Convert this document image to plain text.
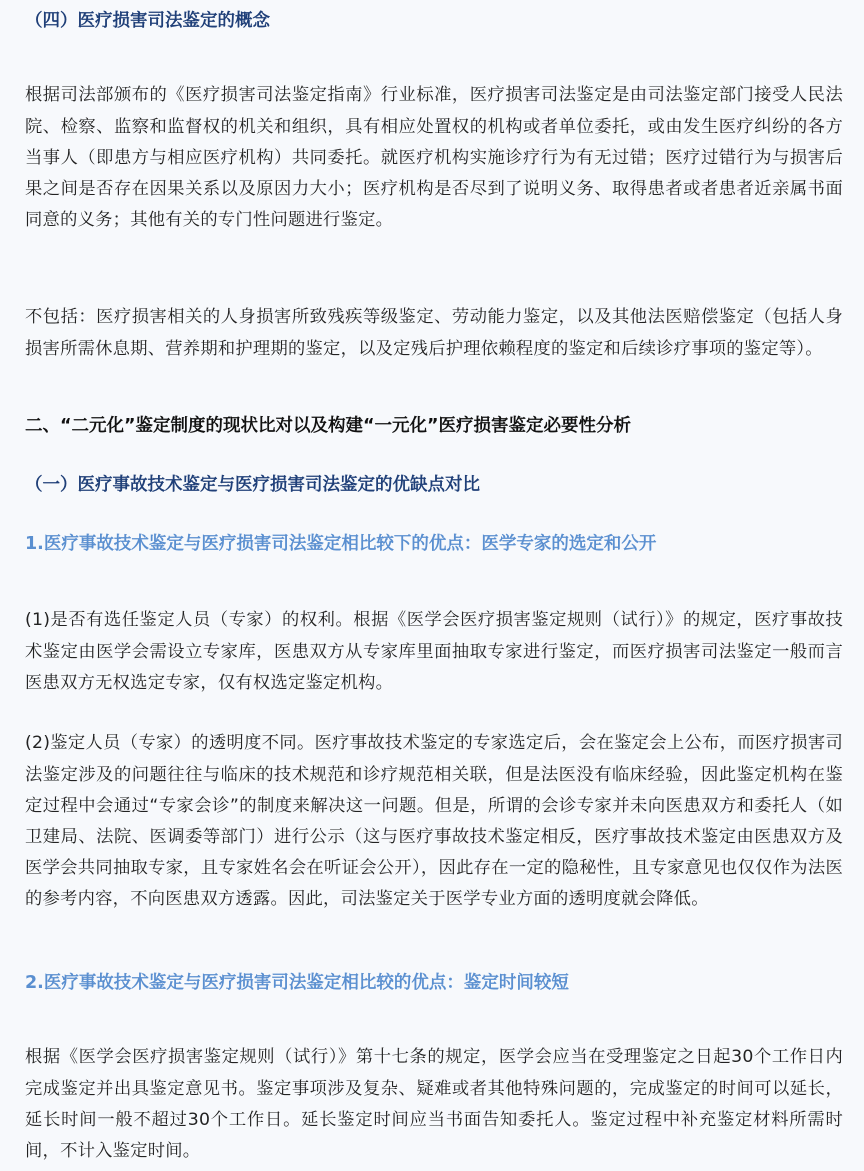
（四）医疗损害司法鉴定的概念

根据司法部颁布的《医疗损害司法鉴定指南》行业标准，医疗损害司法鉴定是由司法鉴定部门接受人民法院、检察、监察和监督权的机关和组织，具有相应处置权的机构或者单位委托，或由发生医疗纠纷的各方当事人（即患方与相应医疗机构）共同委托。就医疗机构实施诊疗行为有无过错；医疗过错行为与损害后果之间是否存在因果关系以及原因力大小；医疗机构是否尽到了说明义务、取得患者或者患者近亲属书面同意的义务；其他有关的专门性问题进行鉴定。

不包括：医疗损害相关的人身损害所致残疾等级鉴定、劳动能力鉴定，以及其他法医赔偿鉴定（包括人身损害所需休息期、营养期和护理期的鉴定，以及定残后护理依赖程度的鉴定和后续诊疗事项的鉴定等）。

二、“二元化”鉴定制度的现状比对以及构建“一元化”医疗损害鉴定必要性分析
（一）医疗事故技术鉴定与医疗损害司法鉴定的优缺点对比
1.医疗事故技术鉴定与医疗损害司法鉴定相比较下的优点：医学专家的选定和公开

(1)是否有选任鉴定人员（专家）的权利。根据《医学会医疗损害鉴定规则（试行）》的规定，医疗事故技术鉴定由医学会需设立专家库，医患双方从专家库里面抽取专家进行鉴定，而医疗损害司法鉴定一般而言医患双方无权选定专家，仅有权选定鉴定机构。

(2)鉴定人员（专家）的透明度不同。医疗事故技术鉴定的专家选定后，会在鉴定会上公布，而医疗损害司法鉴定涉及的问题往往与临床的技术规范和诊疗规范相关联，但是法医没有临床经验，因此鉴定机构在鉴定过程中会通过“专家会诊”的制度来解决这一问题。但是，所谓的会诊专家并未向医患双方和委托人（如卫建局、法院、医调委等部门）进行公示（这与医疗事故技术鉴定相反，医疗事故技术鉴定由医患双方及医学会共同抽取专家，且专家姓名会在听证会公开），因此存在一定的隐秘性，且专家意见也仅仅作为法医的参考内容，不向医患双方透露。因此，司法鉴定关于医学专业方面的透明度就会降低。

2.医疗事故技术鉴定与医疗损害司法鉴定相比较的优点：鉴定时间较短

根据《医学会医疗损害鉴定规则（试行）》第十七条的规定，医学会应当在受理鉴定之日起30个工作日内完成鉴定并出具鉴定意见书。鉴定事项涉及复杂、疑难或者其他特殊问题的，完成鉴定的时间可以延长，延长时间一般不超过30个工作日。延长鉴定时间应当书面告知委托人。鉴定过程中补充鉴定材料所需时间，不计入鉴定时间。
